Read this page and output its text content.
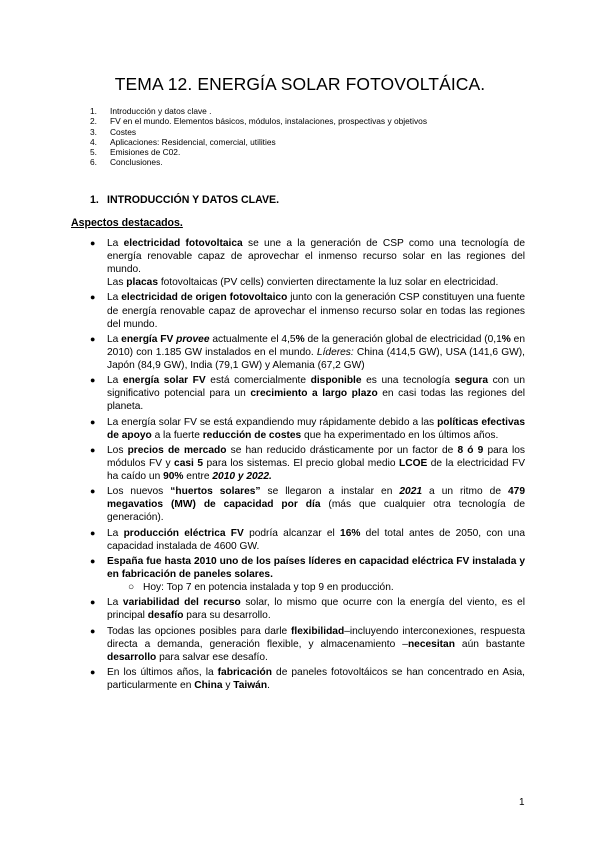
TEMA 12. ENERGÍA SOLAR FOTOVOLTÁICA.
1. Introducción y datos clave .
2. FV en el mundo. Elementos básicos, módulos, instalaciones, prospectivas y objetivos
3. Costes
4. Aplicaciones: Residencial, comercial, utilities
5. Emisiones de C02.
6. Conclusiones.
1. INTRODUCCIÓN Y DATOS CLAVE.
Aspectos destacados.
● La electricidad fotovoltaica se une a la generación de CSP como una tecnología de energía renovable capaz de aprovechar el inmenso recurso solar en las regiones del mundo.

Las placas fotovoltaicas (PV cells) convierten directamente la luz solar en electricidad.

● La electricidad de origen fotovoltaico junto con la generación CSP constituyen una fuente de energía renovable capaz de aprovechar el inmenso recurso solar en todas las regiones del mundo.

● La energía FV provee actualmente el 4,5% de la generación global de electricidad (0,1% en 2010) con 1.185 GW instalados en el mundo. Líderes: China (414,5 GW), USA (141,6 GW), Japón (84,9 GW), India (79,1 GW) y Alemania (67,2 GW)

● La energía solar FV está comercialmente disponible es una tecnología segura con un significativo potencial para un crecimiento a largo plazo en casi todas las regiones del planeta.

● La energía solar FV se está expandiendo muy rápidamente debido a las políticas efectivas de apoyo a la fuerte reducción de costes que ha experimentado en los últimos años.

● Los precios de mercado se han reducido drásticamente por un factor de 8 ó 9 para los módulos FV y casi 5 para los sistemas. El precio global medio LCOE de la electricidad FV ha caído un 90% entre 2010 y 2022.

● Los nuevos “huertos solares” se llegaron a instalar en 2021 a un ritmo de 479 megavatios (MW) de capacidad por día (más que cualquier otra tecnología de generación).

● La producción eléctrica FV podría alcanzar el 16% del total antes de 2050, con una capacidad instalada de 4600 GW.

● España fue hasta 2010 uno de los países líderes en capacidad eléctrica FV instalada y en fabricación de paneles solares.

○ Hoy: Top 7 en potencia instalada y top 9 en producción.
● La variabilidad del recurso solar, lo mismo que ocurre con la energía del viento, es el principal desafío para su desarrollo.

● Todas las opciones posibles para darle flexibilidad–incluyendo interconexiones, respuesta directa a demanda, generación flexible, y almacenamiento –necesitan aún bastante desarrollo para salvar ese desafío.

● En los últimos años, la fabricación de paneles fotovoltáicos se han concentrado en Asia, particularmente en China y Taiwán.

1
